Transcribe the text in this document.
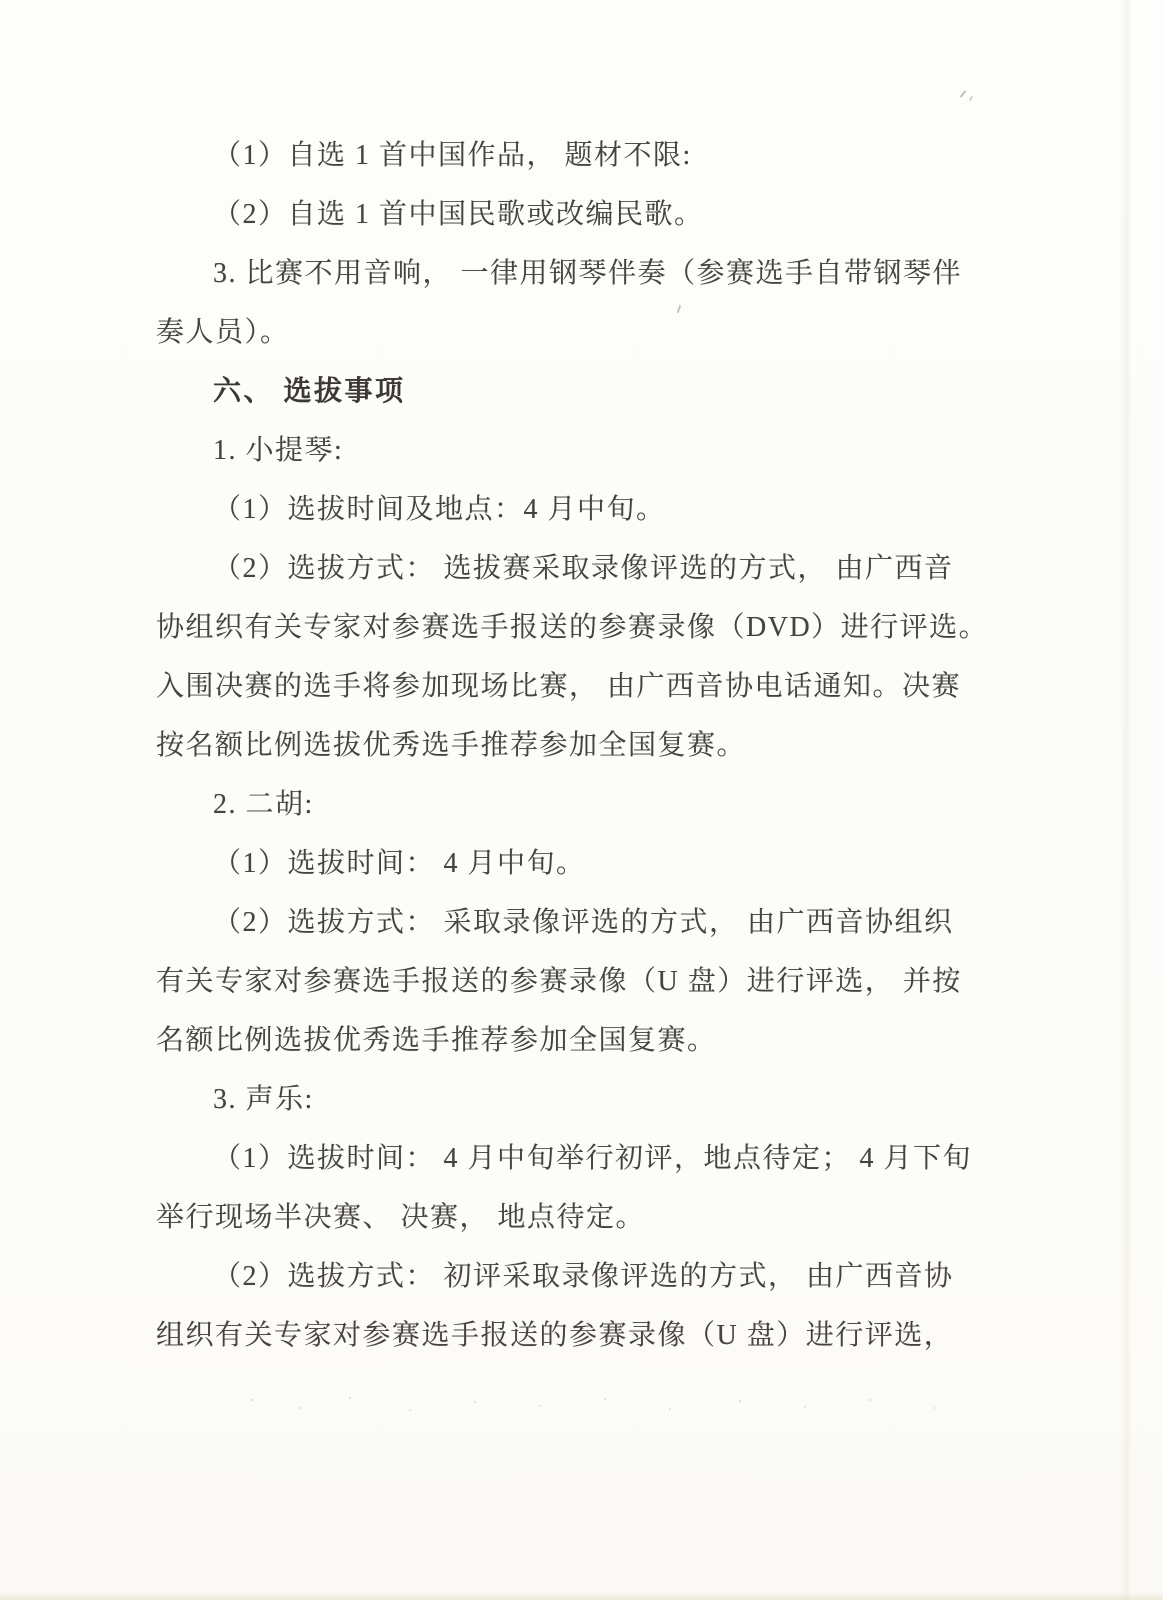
（1）自选 1 首中国作品， 题材不限:
（2）自选 1 首中国民歌或改编民歌。
3. 比赛不用音响， 一律用钢琴伴奏（参赛选手自带钢琴伴
奏人员）。
六、 选拔事项
1. 小提琴:
（1）选拔时间及地点：4 月中旬。
（2）选拔方式： 选拔赛采取录像评选的方式， 由广西音
协组织有关专家对参赛选手报送的参赛录像（DVD）进行评选。
入围决赛的选手将参加现场比赛， 由广西音协电话通知。决赛
按名额比例选拔优秀选手推荐参加全国复赛。
2. 二胡:
（1）选拔时间： 4 月中旬。
（2）选拔方式： 采取录像评选的方式， 由广西音协组织
有关专家对参赛选手报送的参赛录像（U 盘）进行评选， 并按
名额比例选拔优秀选手推荐参加全国复赛。
3. 声乐:
（1）选拔时间： 4 月中旬举行初评，地点待定； 4 月下旬
举行现场半决赛、 决赛， 地点待定。
（2）选拔方式： 初评采取录像评选的方式， 由广西音协
组织有关专家对参赛选手报送的参赛录像（U 盘）进行评选，
